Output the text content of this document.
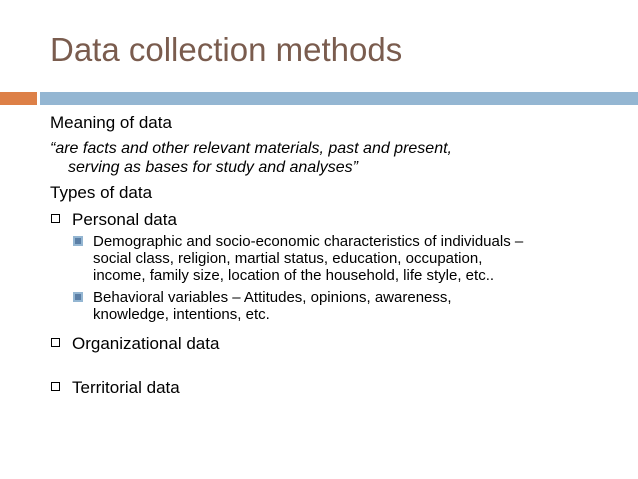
Data collection methods
Meaning of data
“are facts and other relevant materials, past and present,
serving as bases for study and analyses”
Types of data
Personal data
Demographic and socio-economic characteristics of individuals –
social class, religion, martial status, education, occupation,
income, family size, location of the household, life style, etc..
Behavioral variables – Attitudes, opinions, awareness,
knowledge, intentions, etc.
Organizational data
Territorial data
